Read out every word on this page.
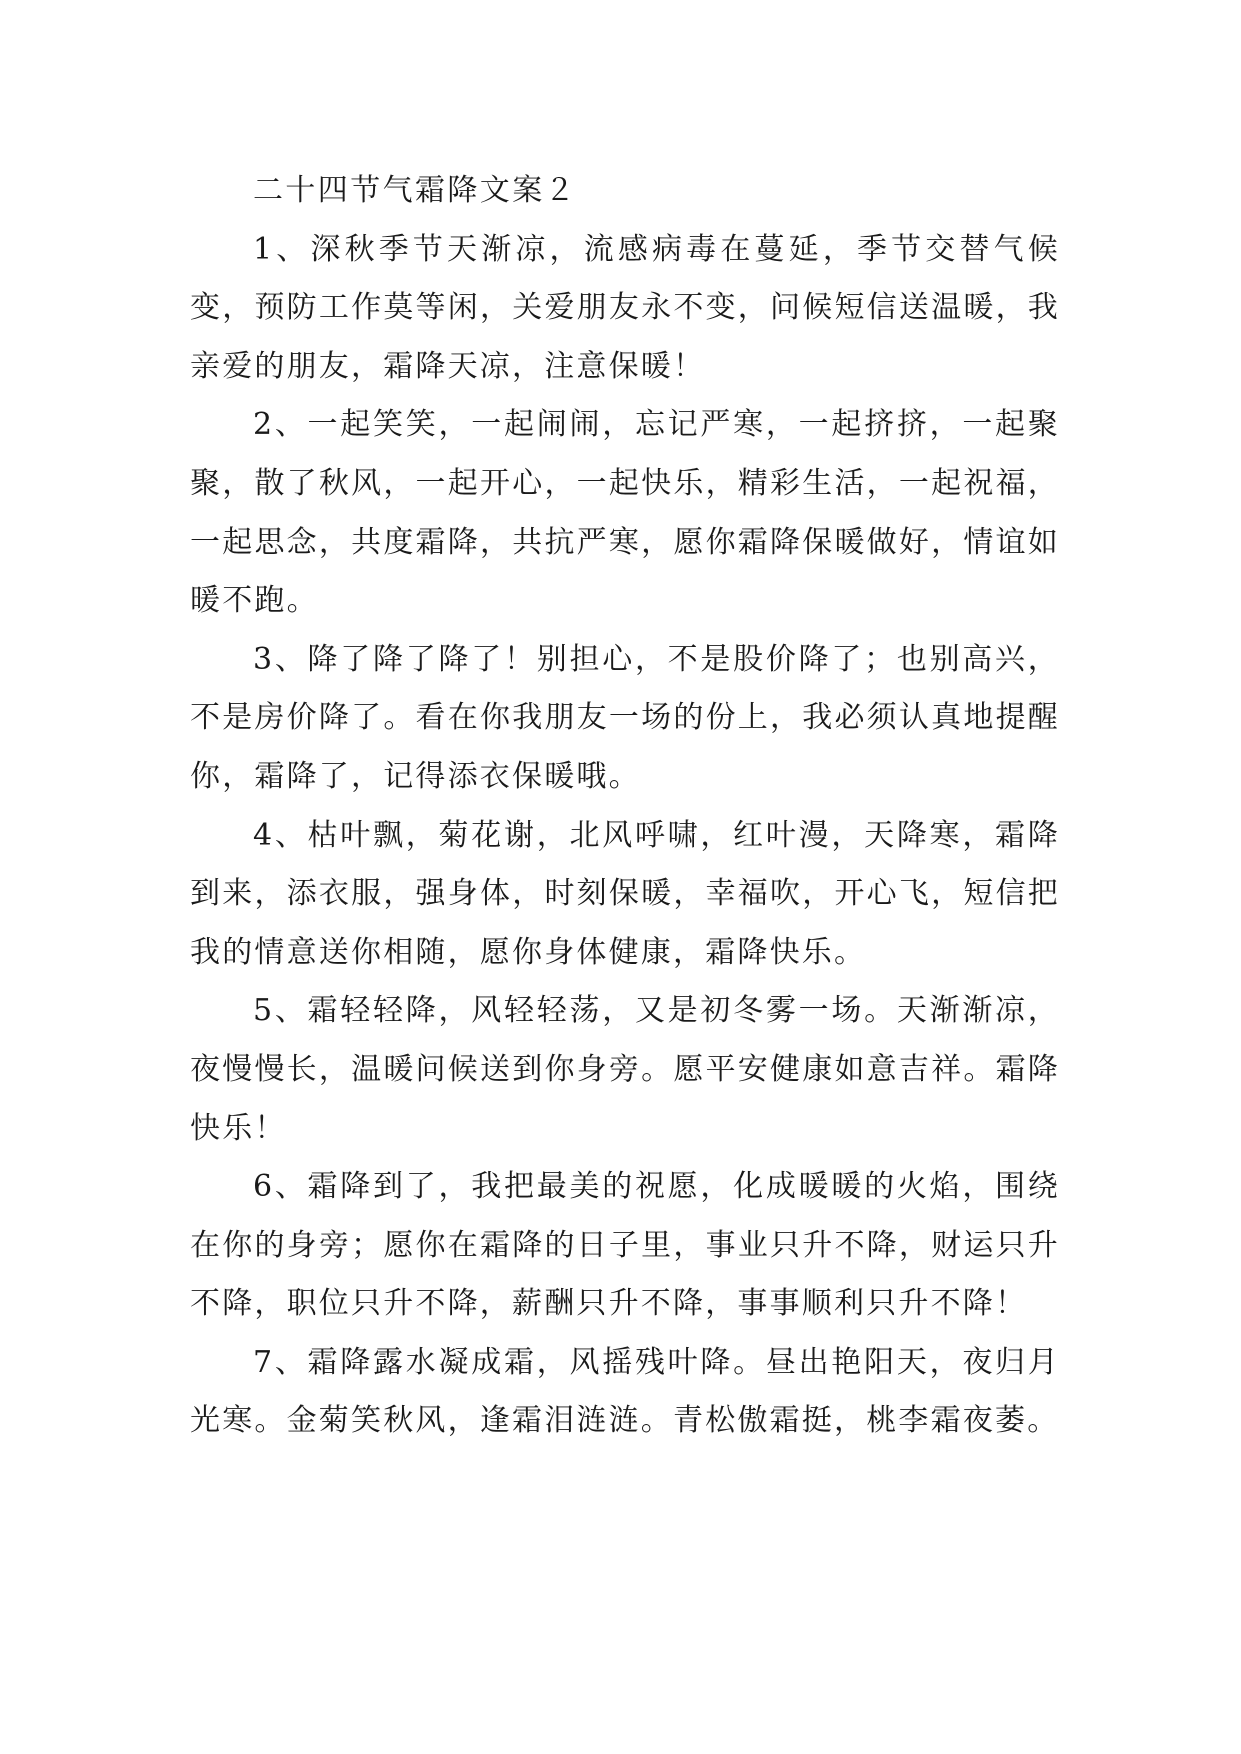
二十四节气霜降文案２

1、深秋季节天渐凉，流感病毒在蔓延，季节交替气候变，预防工作莫等闲，关爱朋友永不变，问候短信送温暖，我亲爱的朋友，霜降天凉，注意保暖！

2、一起笑笑，一起闹闹，忘记严寒，一起挤挤，一起聚聚，散了秋风，一起开心，一起快乐，精彩生活，一起祝福，一起思念，共度霜降，共抗严寒，愿你霜降保暖做好，情谊如暖不跑。

3、降了降了降了！别担心，不是股价降了；也别高兴，不是房价降了。看在你我朋友一场的份上，我必须认真地提醒你，霜降了，记得添衣保暖哦。

4、枯叶飘，菊花谢，北风呼啸，红叶漫，天降寒，霜降到来，添衣服，强身体，时刻保暖，幸福吹，开心飞，短信把我的情意送你相随，愿你身体健康，霜降快乐。

5、霜轻轻降，风轻轻荡，又是初冬雾一场。天渐渐凉，夜慢慢长，温暖问候送到你身旁。愿平安健康如意吉祥。霜降快乐！

6、霜降到了，我把最美的祝愿，化成暖暖的火焰，围绕在你的身旁；愿你在霜降的日子里，事业只升不降，财运只升不降，职位只升不降，薪酬只升不降，事事顺利只升不降！

7、霜降露水凝成霜，风摇残叶降。昼出艳阳天，夜归月光寒。金菊笑秋风，逢霜泪涟涟。青松傲霜挺，桃李霜夜萎。
